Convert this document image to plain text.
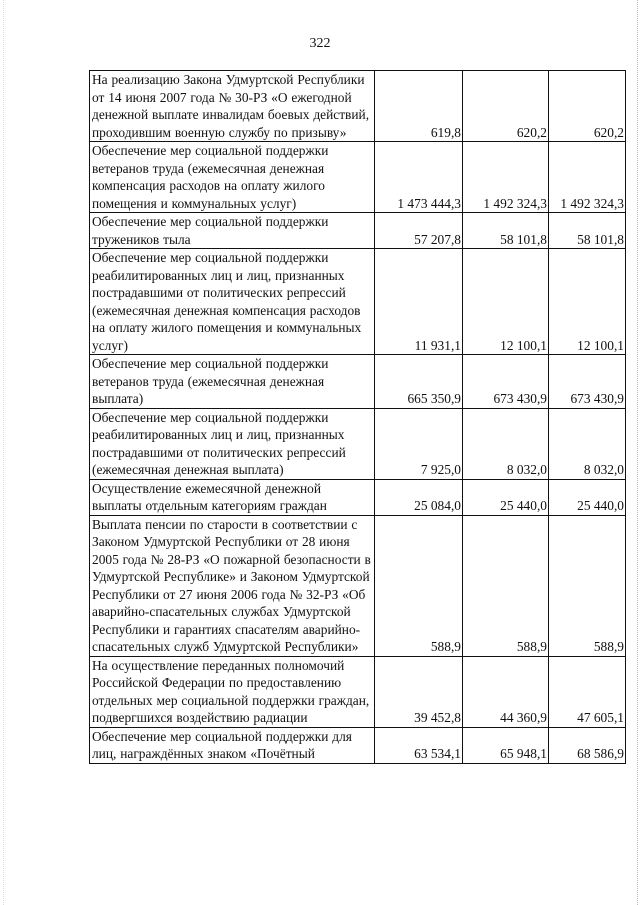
322
На реализацию Закона Удмуртской Республики от 14 июня 2007 года № 30-РЗ «О ежегодной денежной выплате инвалидам боевых действий, проходившим военную службу по призыву»	619,8	620,2	620,2
Обеспечение мер социальной поддержки ветеранов труда (ежемесячная денежная компенсация расходов на оплату жилого помещения и коммунальных услуг)	1 473 444,3	1 492 324,3	1 492 324,3
Обеспечение мер социальной поддержки тружеников тыла	57 207,8	58 101,8	58 101,8
Обеспечение мер социальной поддержки реабилитированных лиц и лиц, признанных пострадавшими от политических репрессий (ежемесячная денежная компенсация расходов на оплату жилого помещения и коммунальных услуг)	11 931,1	12 100,1	12 100,1
Обеспечение мер социальной поддержки ветеранов труда (ежемесячная денежная выплата)	665 350,9	673 430,9	673 430,9
Обеспечение мер социальной поддержки реабилитированных лиц и лиц, признанных пострадавшими от политических репрессий (ежемесячная денежная выплата)	7 925,0	8 032,0	8 032,0
Осуществление ежемесячной денежной выплаты отдельным категориям граждан	25 084,0	25 440,0	25 440,0
Выплата пенсии по старости в соответствии с Законом Удмуртской Республики от 28 июня 2005 года № 28-РЗ «О пожарной безопасности в Удмуртской Республике» и Законом Удмуртской Республики от 27 июня 2006 года № 32-РЗ «Об аварийно-спасательных службах Удмуртской Республики и гарантиях спасателям аварийно-спасательных служб Удмуртской Республики»	588,9	588,9	588,9
На осуществление переданных полномочий Российской Федерации по предоставлению отдельных мер социальной поддержки граждан, подвергшихся воздействию радиации	39 452,8	44 360,9	47 605,1
Обеспечение мер социальной поддержки для лиц, награждённых знаком «Почётный	63 534,1	65 948,1	68 586,9
